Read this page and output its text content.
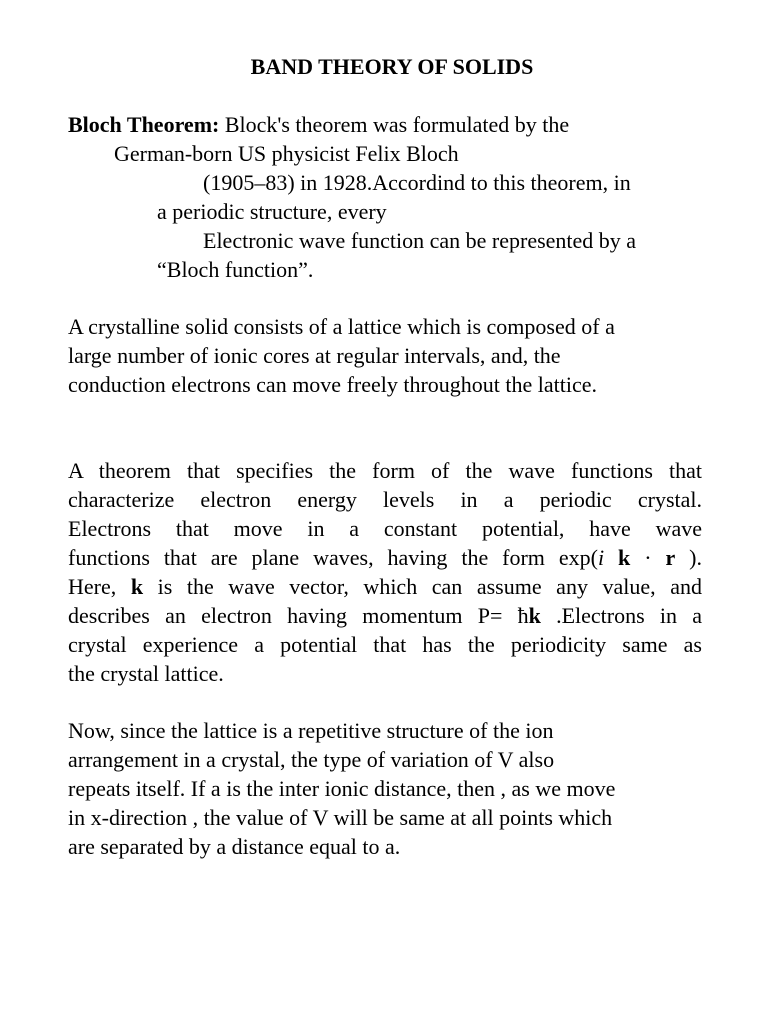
BAND THEORY OF SOLIDS
Bloch Theorem: Block's theorem was formulated by the
German-born US physicist Felix Bloch
(1905–83) in 1928.Accordind to this theorem, in
a periodic structure, every
Electronic wave function can be represented by a
“Bloch function”.
A crystalline solid consists of a lattice which is composed of a
large number of ionic cores at regular intervals, and, the
conduction electrons can move freely throughout the lattice.
A theorem that specifies the form of the wave functions that
characterize electron energy levels in a periodic crystal.
Electrons that move in a constant potential, have wave
functions that are plane waves, having the form exp(i k · r ).
Here, k is the wave vector, which can assume any value, and
describes an electron having momentum P= ħk .Electrons in a
crystal experience a potential that has the periodicity same as
the crystal lattice.
Now, since the lattice is a repetitive structure of the ion
arrangement in a crystal, the type of variation of V also
repeats itself. If a is the inter ionic distance, then , as we move
in x-direction , the value of V will be same at all points which
are separated by a distance equal to a.
